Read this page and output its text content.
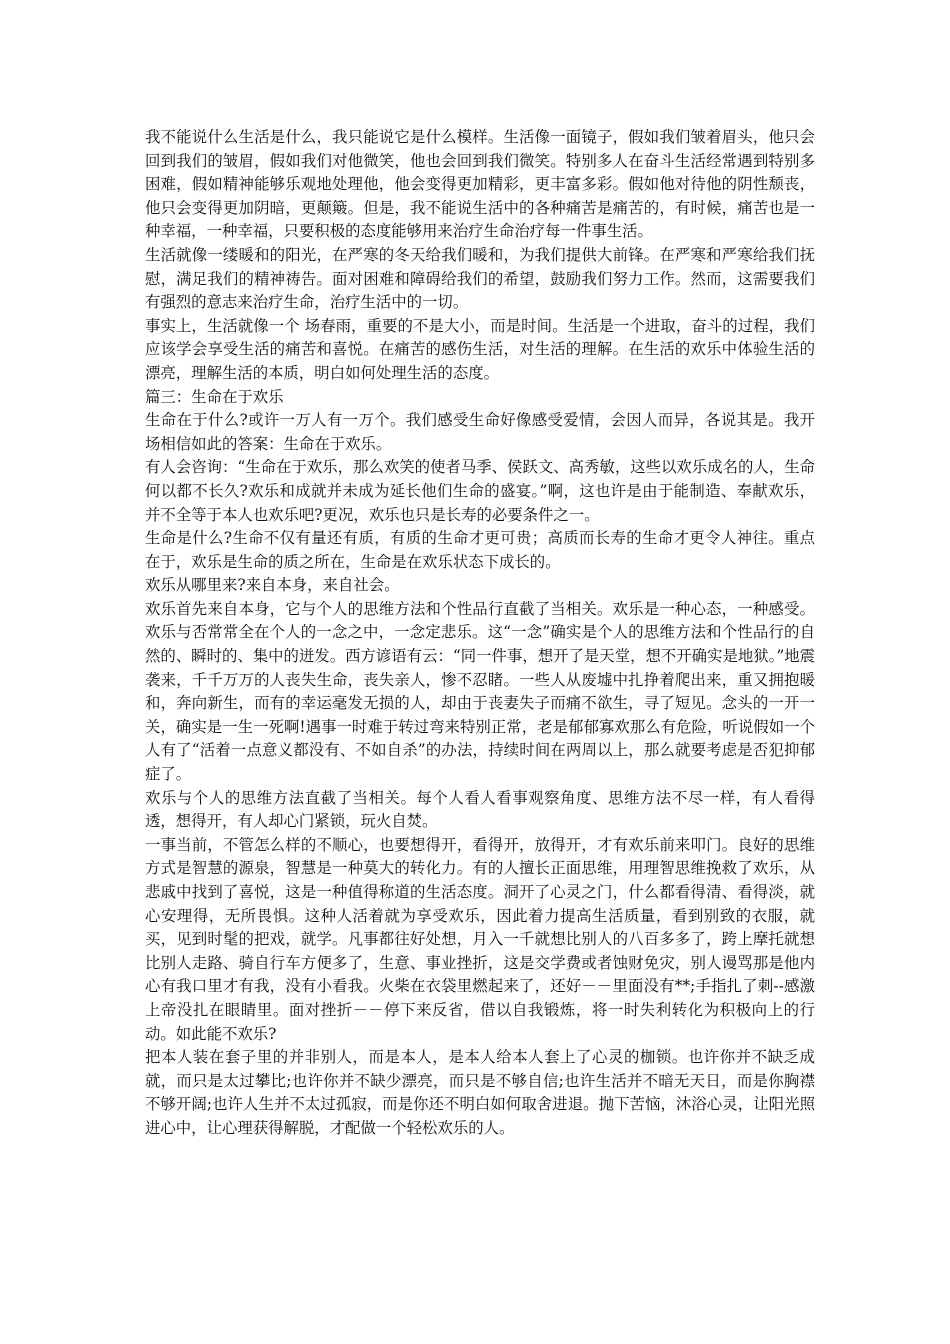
我不能说什么生活是什么，我只能说它是什么模样。生活像一面镜子，假如我们皱着眉头，他只会回到我们的皱眉，假如我们对他微笑，他也会回到我们微笑。特别多人在奋斗生活经常遇到特别多困难，假如精神能够乐观地处理他，他会变得更加精彩，更丰富多彩。假如他对待他的阴性颓丧，他只会变得更加阴暗，更颠簸。但是，我不能说生活中的各种痛苦是痛苦的，有时候，痛苦也是一种幸福，一种幸福，只要积极的态度能够用来治疗生命治疗每一件事生活。

生活就像一缕暖和的阳光，在严寒的冬天给我们暖和，为我们提供大前锋。在严寒和严寒给我们抚慰，满足我们的精神祷告。面对困难和障碍给我们的希望，鼓励我们努力工作。然而，这需要我们有强烈的意志来治疗生命，治疗生活中的一切。

事实上，生活就像一个 场春雨，重要的不是大小，而是时间。生活是一个进取，奋斗的过程，我们应该学会享受生活的痛苦和喜悦。在痛苦的感伤生活，对生活的理解。在生活的欢乐中体验生活的漂亮，理解生活的本质，明白如何处理生活的态度。

篇三：生命在于欢乐

生命在于什么?或许一万人有一万个。我们感受生命好像感受爱情，会因人而异，各说其是。我开场相信如此的答案：生命在于欢乐。

有人会咨询：“生命在于欢乐，那么欢笑的使者马季、侯跃文、高秀敏，这些以欢乐成名的人，生命何以都不长久?欢乐和成就并未成为延长他们生命的盛宴。”啊，这也许是由于能制造、奉献欢乐，并不全等于本人也欢乐吧?更况，欢乐也只是长寿的必要条件之一。

生命是什么?生命不仅有量还有质，有质的生命才更可贵；高质而长寿的生命才更令人神往。重点在于，欢乐是生命的质之所在，生命是在欢乐状态下成长的。

欢乐从哪里来?来自本身，来自社会。

欢乐首先来自本身，它与个人的思维方法和个性品行直截了当相关。欢乐是一种心态，一种感受。欢乐与否常常全在个人的一念之中，一念定悲乐。这“一念”确实是个人的思维方法和个性品行的自然的、瞬时的、集中的迸发。西方谚语有云：“同一件事，想开了是天堂，想不开确实是地狱。”地震袭来，千千万万的人丧失生命，丧失亲人，惨不忍睹。一些人从废墟中扎挣着爬出来，重又拥抱暖和，奔向新生，而有的幸运毫发无损的人，却由于丧妻失子而痛不欲生，寻了短见。念头的一开一关，确实是一生一死啊!遇事一时难于转过弯来特别正常，老是郁郁寡欢那么有危险，听说假如一个人有了“活着一点意义都没有、不如自杀”的办法，持续时间在两周以上，那么就要考虑是否犯抑郁症了。

欢乐与个人的思维方法直截了当相关。每个人看人看事观察角度、思维方法不尽一样，有人看得透，想得开，有人却心门紧锁，玩火自焚。

一事当前，不管怎么样的不顺心，也要想得开，看得开，放得开，才有欢乐前来叩门。良好的思维方式是智慧的源泉，智慧是一种莫大的转化力。有的人擅长正面思维，用理智思维挽救了欢乐，从悲戚中找到了喜悦，这是一种值得称道的生活态度。洞开了心灵之门，什么都看得清、看得淡，就心安理得，无所畏惧。这种人活着就为享受欢乐，因此着力提高生活质量，看到别致的衣服，就买，见到时髦的把戏，就学。凡事都往好处想，月入一千就想比别人的八百多多了，跨上摩托就想比别人走路、骑自行车方便多了，生意、事业挫折，这是交学费或者蚀财免灾，别人谩骂那是他内心有我口里才有我，没有小看我。火柴在衣袋里燃起来了，还好－－里面没有**;手指扎了刺--感激上帝没扎在眼睛里。面对挫折－－停下来反省，借以自我锻炼，将一时失利转化为积极向上的行动。如此能不欢乐?

把本人装在套子里的并非别人，而是本人，是本人给本人套上了心灵的枷锁。也许你并不缺乏成就，而只是太过攀比;也许你并不缺少漂亮，而只是不够自信;也许生活并不暗无天日，而是你胸襟不够开阔;也许人生并不太过孤寂，而是你还不明白如何取舍进退。抛下苦恼，沐浴心灵，让阳光照进心中，让心理获得解脱，才配做一个轻松欢乐的人。
